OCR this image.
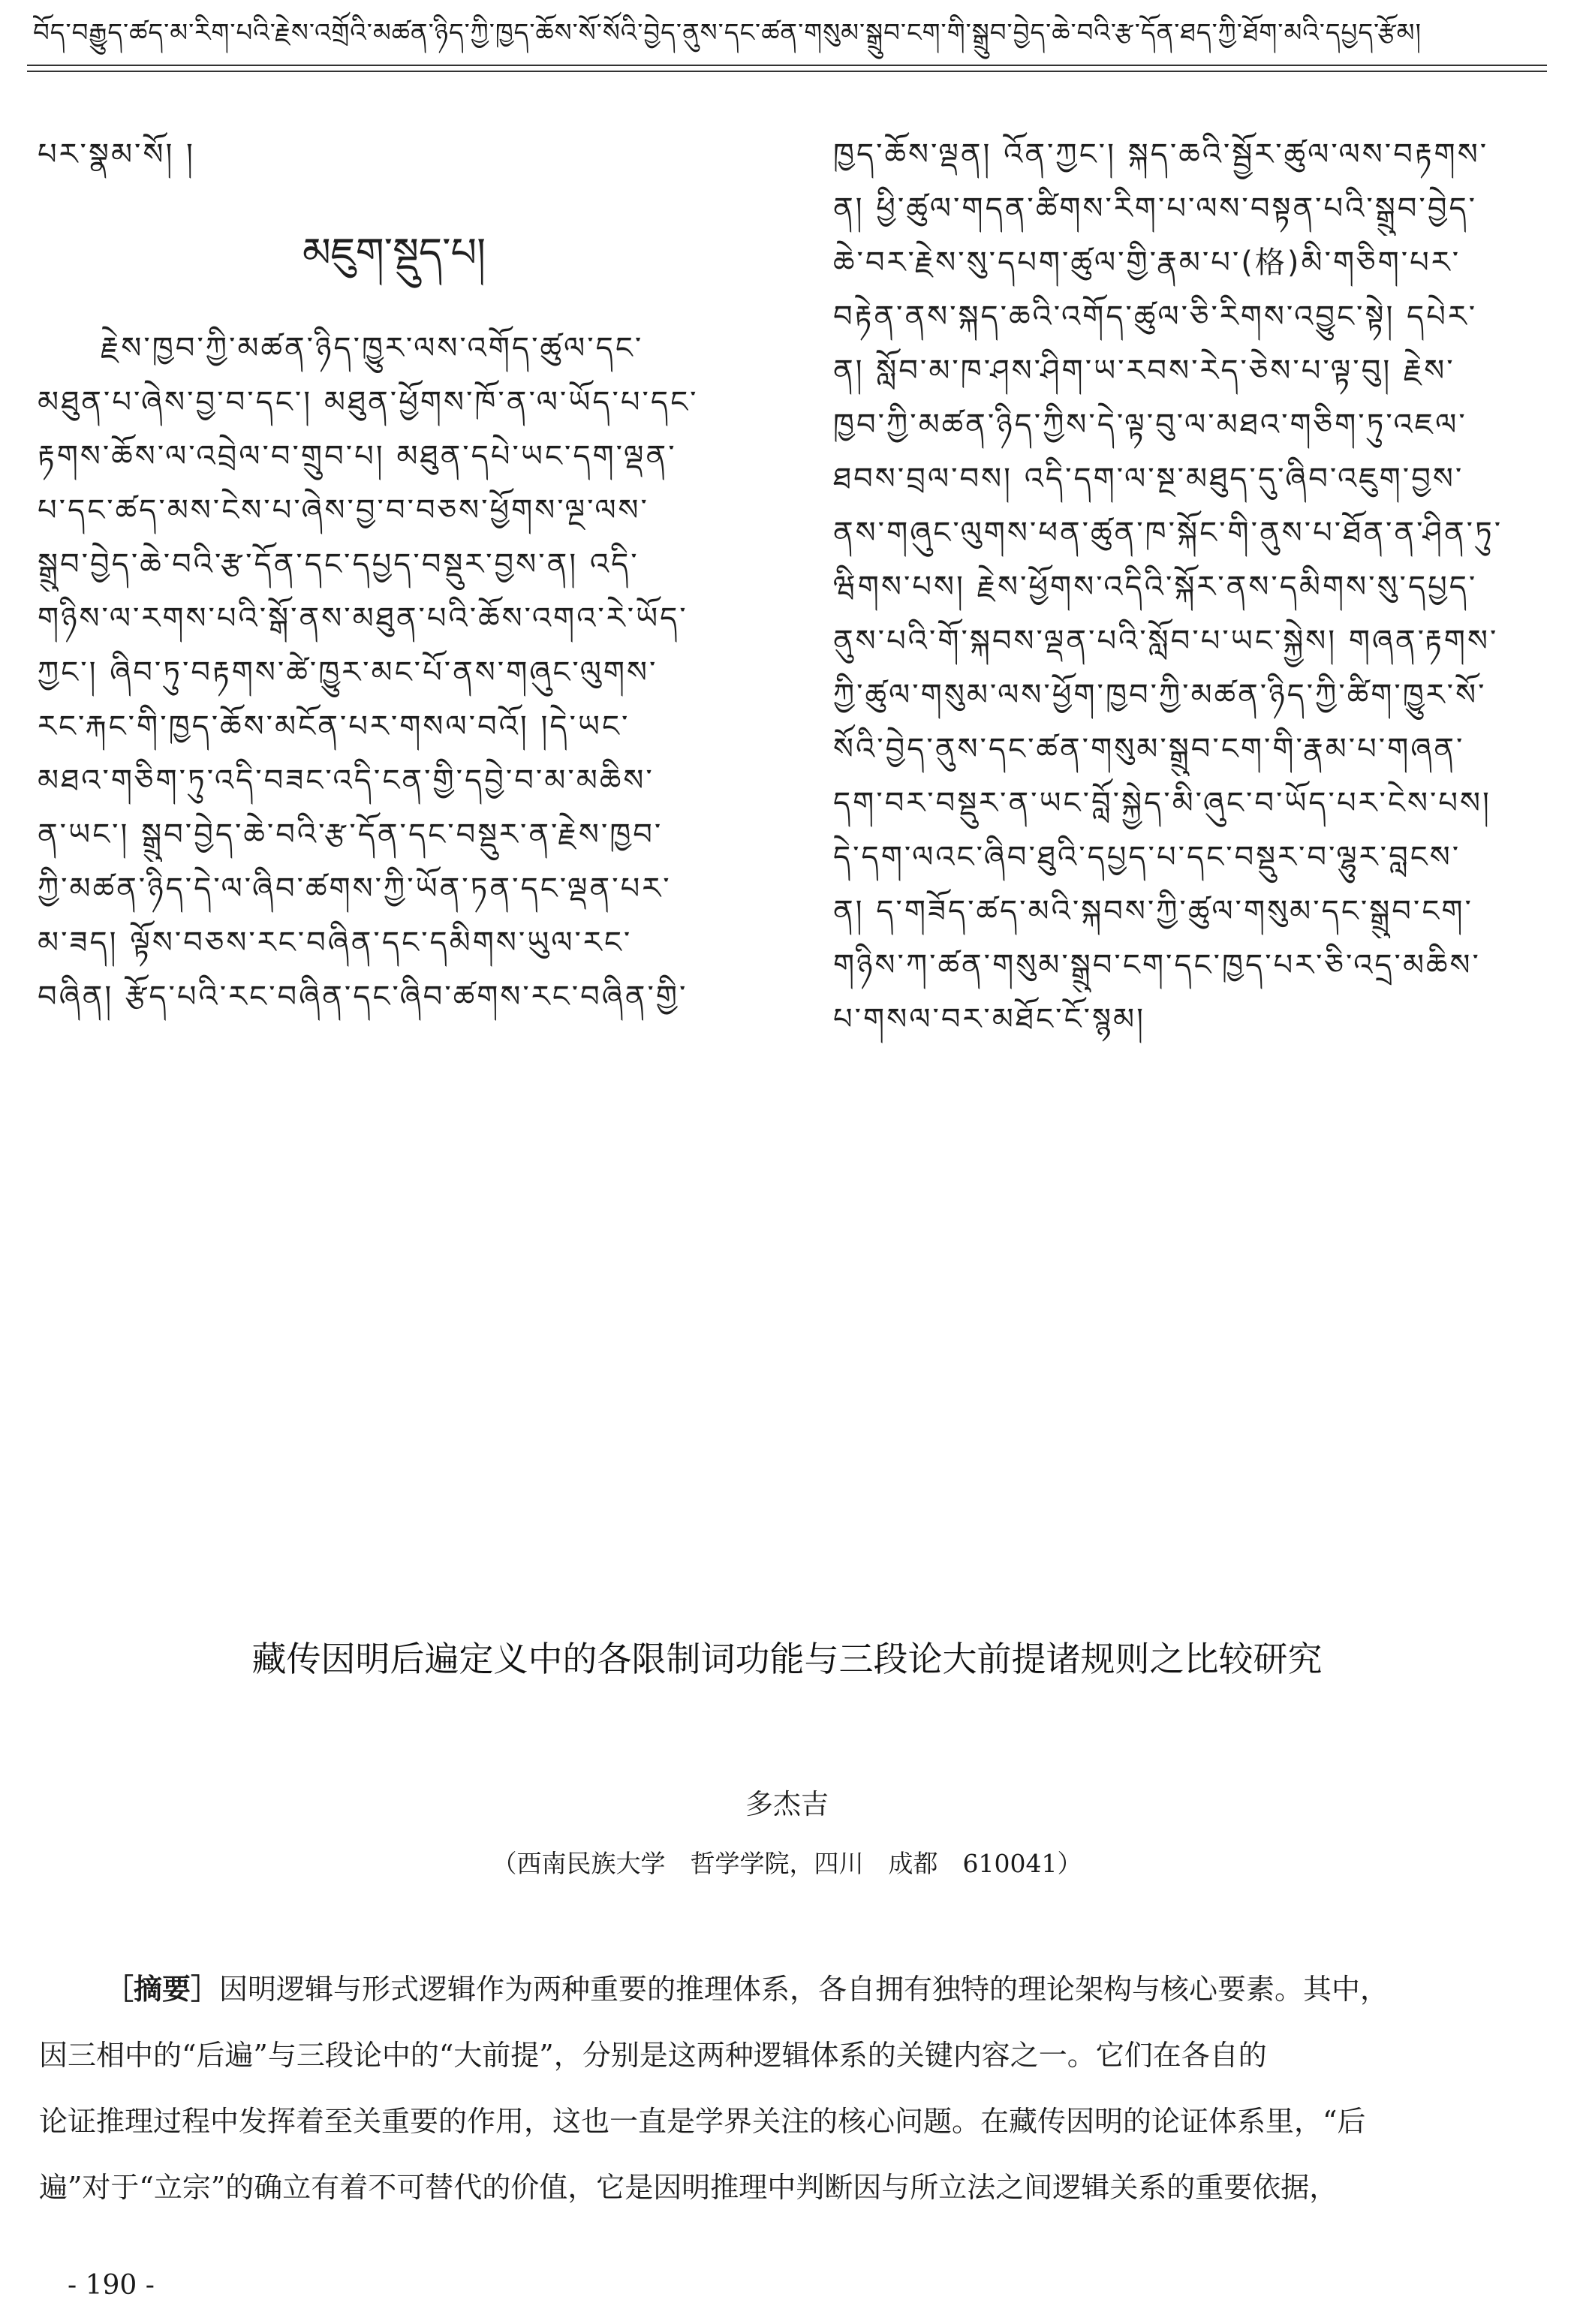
བོད་བརྒྱུད་ཚད་མ་རིག་པའི་རྗེས་འགྲོའི་མཚན་ཉིད་ཀྱི་ཁྱད་ཆོས་སོ་སོའི་བྱེད་ནུས་དང་ཚན་གསུམ་སྒྲུབ་ངག་གི་སྒྲུབ་བྱེད་ཆེ་བའི་རྩ་དོན་ཐད་ཀྱི་ཐོག་མའི་དཔྱད་རྩོམ།
པར་སྣམ་སོ། །
མཇུག་སྡུད་པ།
རྗེས་ཁྱབ་ཀྱི་མཚན་ཉིད་ཁྱུར་ལས་འགོད་ཚུལ་དང་
མཐུན་པ་ཞེས་བྱ་བ་དང་། མཐུན་ཕྱོགས་ཁོ་ན་ལ་ཡོད་པ་དང་
རྟགས་ཆོས་ལ་འབྲེལ་བ་གྲུབ་པ། མཐུན་དཔེ་ཡང་དག་ལྡན་
པ་དང་ཚད་མས་ངེས་པ་ཞེས་བྱ་བ་བཅས་ཕྱོགས་ལྔ་ལས་
སྒྲུབ་བྱེད་ཆེ་བའི་རྩ་དོན་དང་དཔྱད་བསྡུར་བྱས་ན། འདི་
གཉིས་ལ་རགས་པའི་སྒོ་ནས་མཐུན་པའི་ཆོས་འགའ་རེ་ཡོད་
ཀྱང་། ཞིབ་ཏུ་བརྟགས་ཚེ་ཁྱུར་མང་པོ་ནས་གཞུང་ལུགས་
རང་རྐང་གི་ཁྱད་ཆོས་མངོན་པར་གསལ་བའོ། །དེ་ཡང་
མཐའ་གཅིག་ཏུ་འདི་བཟང་འདི་ངན་གྱི་དབྱེ་བ་མ་མཆིས་
ན་ཡང་། སྒྲུབ་བྱེད་ཆེ་བའི་རྩ་དོན་དང་བསྡུར་ན་རྗེས་ཁྱབ་
ཀྱི་མཚན་ཉིད་དེ་ལ་ཞིབ་ཚགས་ཀྱི་ཡོན་ཏན་དང་ལྡན་པར་
མ་ཟད། ལྟོས་བཅས་རང་བཞིན་དང་དམིགས་ཡུལ་རང་
བཞིན། རྩོད་པའི་རང་བཞིན་དང་ཞིབ་ཚགས་རང་བཞིན་གྱི་
ཁྱད་ཆོས་ལྡན། འོན་ཀྱང་། སྐད་ཆའི་སྦྱོར་ཚུལ་ལས་བརྟགས་
ན། ཕྱི་ཚུལ་གདན་ཚིགས་རིག་པ་ལས་བསྟན་པའི་སྒྲུབ་བྱེད་
ཆེ་བར་རྗེས་སུ་དཔག་ཚུལ་གྱི་རྣམ་པ་(格)མི་གཅིག་པར་
བརྟེན་ནས་སྐད་ཆའི་འགོད་ཚུལ་ཅི་རིགས་འབྱུང་སྟེ། དཔེར་
ན། སློབ་མ་ཁ་ཤས་ཤིག་ཡ་རབས་རེད་ཅེས་པ་ལྟ་བུ། རྗེས་
ཁྱབ་ཀྱི་མཚན་ཉིད་ཀྱིས་དེ་ལྟ་བུ་ལ་མཐའ་གཅིག་ཏུ་འཇལ་
ཐབས་བྲལ་བས། འདི་དག་ལ་སྔ་མཐུད་དུ་ཞིབ་འཇུག་བྱས་
ནས་གཞུང་ལུགས་ཕན་ཚུན་ཁ་སྐོང་གི་ནུས་པ་ཐོན་ན་ཤིན་ཏུ་
ཝིགས་པས། རྗེས་ཕྱོགས་འདིའི་སྐོར་ནས་དམིགས་སུ་དཔྱད་
ནུས་པའི་གོ་སྐབས་ལྡན་པའི་སློབ་པ་ཡང་སྐྱེས། གཞན་རྟགས་
ཀྱི་ཚུལ་གསུམ་ལས་ཕྱོག་ཁྱབ་ཀྱི་མཚན་ཉིད་ཀྱི་ཚིག་ཁྱུར་སོ་
སོའི་བྱེད་ནུས་དང་ཚན་གསུམ་སྒྲུབ་ངག་གི་རྣམ་པ་གཞན་
དག་བར་བསྡུར་ན་ཡང་བློ་སྐྱེད་མི་ཞུང་བ་ཡོད་པར་ངེས་པས།
དེ་དག་ལའང་ཞིབ་ཐུའི་དཔྱད་པ་དང་བསྡུར་བ་ལྷུར་བླངས་
ན། ད་གཟོད་ཚད་མའི་སྐབས་ཀྱི་ཚུལ་གསུམ་དང་སྒྲུབ་ངག་
གཉིས་ཀ་ཚན་གསུམ་སྒྲུབ་ངག་དང་ཁྱད་པར་ཅི་འདྲ་མཆིས་
པ་གསལ་བར་མཐོང་ངོ་སྙམ།
藏传因明后遍定义中的各限制词功能与三段论大前提诸规则之比较研究
多杰吉
（西南民族大学　哲学学院，四川　成都　610041）
［摘要］因明逻辑与形式逻辑作为两种重要的推理体系，各自拥有独特的理论架构与核心要素。其中，
因三相中的“后遍”与三段论中的“大前提”，分别是这两种逻辑体系的关键内容之一。它们在各自的
论证推理过程中发挥着至关重要的作用，这也一直是学界关注的核心问题。在藏传因明的论证体系里，“后
遍”对于“立宗”的确立有着不可替代的价值，它是因明推理中判断因与所立法之间逻辑关系的重要依据，
- 190 -
